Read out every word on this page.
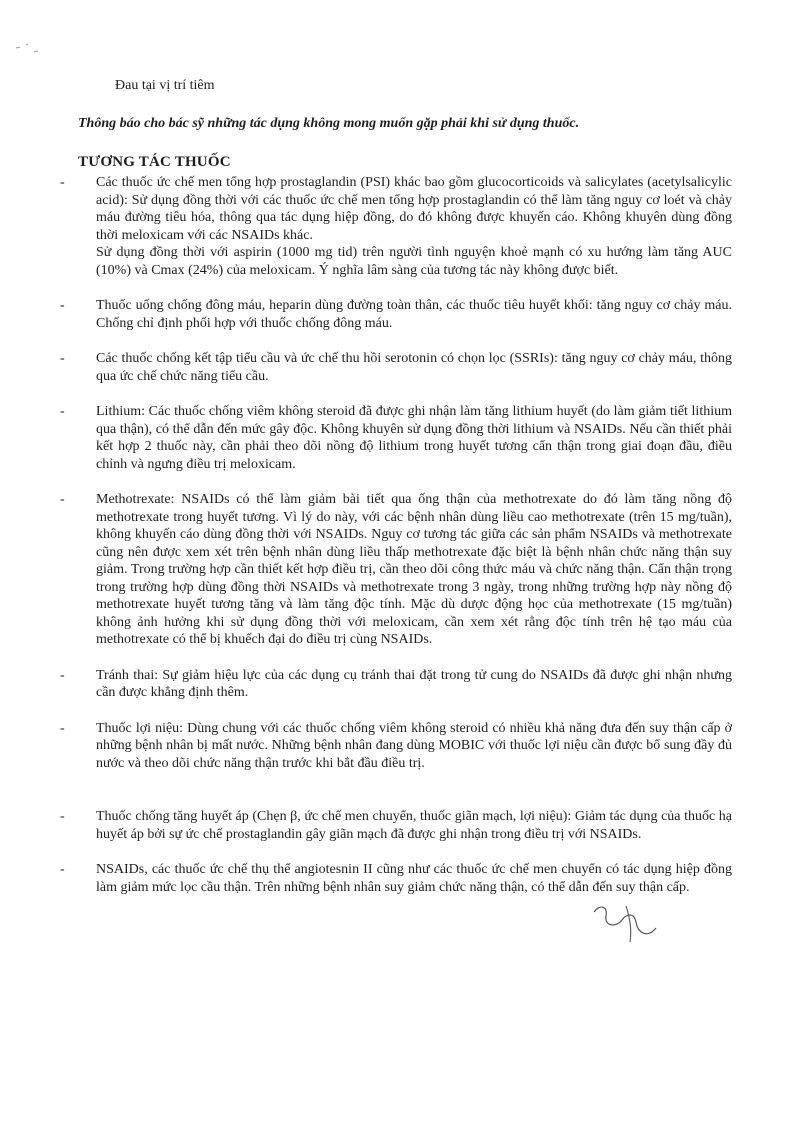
Đau tại vị trí tiêm
Thông báo cho bác sỹ những tác dụng không mong muốn gặp phải khi sử dụng thuốc.
TƯƠNG TÁC THUỐC
- Các thuốc ức chế men tổng hợp prostaglandin (PSI) khác bao gồm glucocorticoids và salicylates (acetylsalicylic acid): Sử dụng đồng thời với các thuốc ức chế men tổng hợp prostaglandin có thể làm tăng nguy cơ loét và chảy máu đường tiêu hóa, thông qua tác dụng hiệp đồng, do đó không được khuyến cáo. Không khuyên dùng đồng thời meloxicam với các NSAIDs khác.

Sử dụng đồng thời với aspirin (1000 mg tid) trên người tình nguyện khoẻ mạnh có xu hướng làm tăng AUC (10%) và Cmax (24%) của meloxicam. Ý nghĩa lâm sàng của tương tác này không được biết.

- Thuốc uống chống đông máu, heparin dùng đường toàn thân, các thuốc tiêu huyết khối: tăng nguy cơ chảy máu. Chống chỉ định phối hợp với thuốc chống đông máu.

- Các thuốc chống kết tập tiểu cầu và ức chế thu hồi serotonin có chọn lọc (SSRIs): tăng nguy cơ chảy máu, thông qua ức chế chức năng tiểu cầu.

- Lithium: Các thuốc chống viêm không steroid đã được ghi nhận làm tăng lithium huyết (do làm giảm tiết lithium qua thận), có thể dẫn đến mức gây độc. Không khuyên sử dụng đồng thời lithium và NSAIDs. Nếu cần thiết phải kết hợp 2 thuốc này, cần phải theo dõi nồng độ lithium trong huyết tương cẩn thận trong giai đoạn đầu, điều chỉnh và ngưng điều trị meloxicam.

- Methotrexate: NSAIDs có thể làm giảm bài tiết qua ống thận của methotrexate do đó làm tăng nồng độ methotrexate trong huyết tương. Vì lý do này, với các bệnh nhân dùng liều cao methotrexate (trên 15 mg/tuần), không khuyến cáo dùng đồng thời với NSAIDs. Nguy cơ tương tác giữa các sản phẩm NSAIDs và methotrexate cũng nên được xem xét trên bệnh nhân dùng liều thấp methotrexate đặc biệt là bệnh nhân chức năng thận suy giảm. Trong trường hợp cần thiết kết hợp điều trị, cần theo dõi công thức máu và chức năng thận. Cẩn thận trọng trong trường hợp dùng đồng thời NSAIDs và methotrexate trong 3 ngày, trong những trường hợp này nồng độ methotrexate huyết tương tăng và làm tăng độc tính. Mặc dù dược động học của methotrexate (15 mg/tuần) không ảnh hưởng khi sử dụng đồng thời với meloxicam, cần xem xét rằng độc tính trên hệ tạo máu của methotrexate có thể bị khuếch đại do điều trị cùng NSAIDs.

- Tránh thai: Sự giảm hiệu lực của các dụng cụ tránh thai đặt trong tử cung do NSAIDs đã được ghi nhận nhưng cần được khẳng định thêm.

- Thuốc lợi niệu: Dùng chung với các thuốc chống viêm không steroid có nhiều khả năng đưa đến suy thận cấp ở những bệnh nhân bị mất nước. Những bệnh nhân đang dùng MOBIC với thuốc lợi niệu cần được bổ sung đầy đủ nước và theo dõi chức năng thận trước khi bắt đầu điều trị.

- Thuốc chống tăng huyết áp (Chẹn β, ức chế men chuyển, thuốc giãn mạch, lợi niệu): Giảm tác dụng của thuốc hạ huyết áp bởi sự ức chế prostaglandin gây giãn mạch đã được ghi nhận trong điều trị với NSAIDs.

- NSAIDs, các thuốc ức chế thụ thể angiotesnin II cũng như các thuốc ức chế men chuyển có tác dụng hiệp đồng làm giảm mức lọc cầu thận. Trên những bệnh nhân suy giảm chức năng thận, có thể dẫn đến suy thận cấp.
